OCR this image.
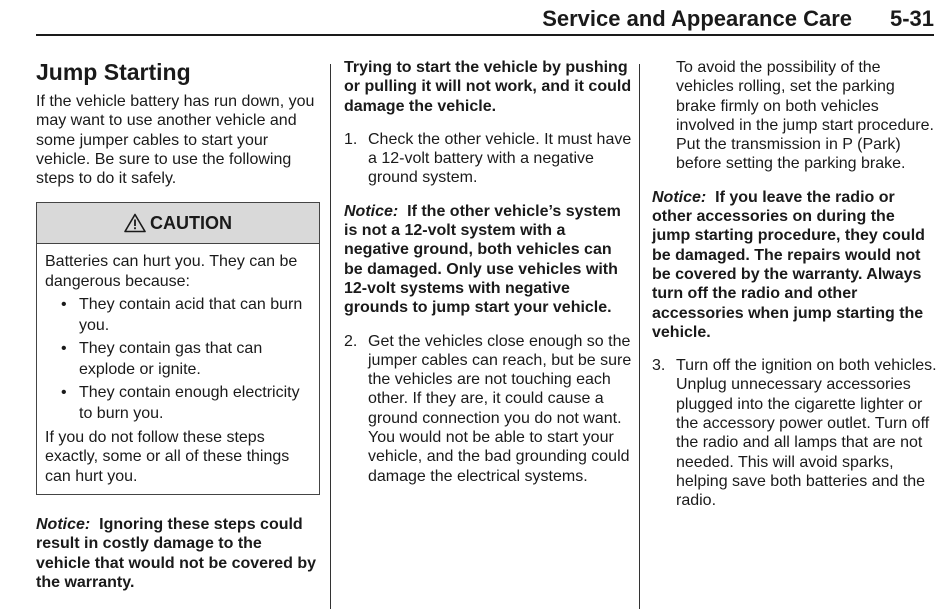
Service and Appearance Care 5-31
Jump Starting

If the vehicle battery has run down, you may want to use another vehicle and some jumper cables to start your vehicle. Be sure to use the following steps to do it safely.

CAUTION

Batteries can hurt you. They can be dangerous because:

• They contain acid that can burn you.
• They contain gas that can explode or ignite.
• They contain enough electricity to burn you.

If you do not follow these steps exactly, some or all of these things can hurt you.

Notice: Ignoring these steps could result in costly damage to the vehicle that would not be covered by the warranty.

Trying to start the vehicle by pushing or pulling it will not work, and it could damage the vehicle.

1. Check the other vehicle. It must have a 12-volt battery with a negative ground system.

Notice: If the other vehicle’s system is not a 12-volt system with a negative ground, both vehicles can be damaged. Only use vehicles with 12-volt systems with negative grounds to jump start your vehicle.

2. Get the vehicles close enough so the jumper cables can reach, but be sure the vehicles are not touching each other. If they are, it could cause a ground connection you do not want. You would not be able to start your vehicle, and the bad grounding could damage the electrical systems.

To avoid the possibility of the vehicles rolling, set the parking brake firmly on both vehicles involved in the jump start procedure. Put the transmission in P (Park) before setting the parking brake.

Notice: If you leave the radio or other accessories on during the jump starting procedure, they could be damaged. The repairs would not be covered by the warranty. Always turn off the radio and other accessories when jump starting the vehicle.

3. Turn off the ignition on both vehicles. Unplug unnecessary accessories plugged into the cigarette lighter or the accessory power outlet. Turn off the radio and all lamps that are not needed. This will avoid sparks, helping save both batteries and the radio.
